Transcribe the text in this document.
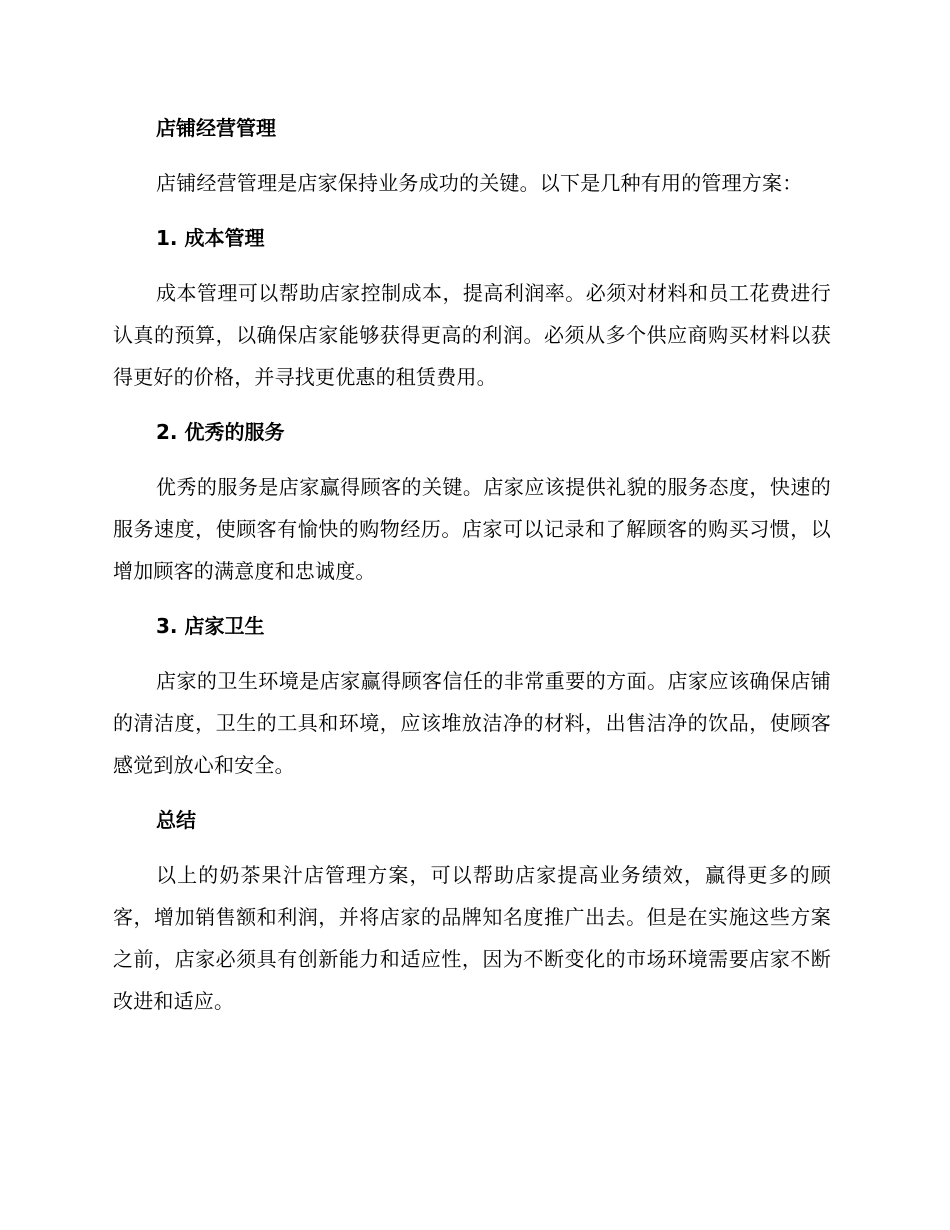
店铺经营管理

店铺经营管理是店家保持业务成功的关键。以下是几种有用的管理方案：

1. 成本管理

成本管理可以帮助店家控制成本，提高利润率。必须对材料和员工花费进行认真的预算，以确保店家能够获得更高的利润。必须从多个供应商购买材料以获得更好的价格，并寻找更优惠的租赁费用。

2. 优秀的服务

优秀的服务是店家赢得顾客的关键。店家应该提供礼貌的服务态度，快速的服务速度，使顾客有愉快的购物经历。店家可以记录和了解顾客的购买习惯，以增加顾客的满意度和忠诚度。

3. 店家卫生

店家的卫生环境是店家赢得顾客信任的非常重要的方面。店家应该确保店铺的清洁度，卫生的工具和环境，应该堆放洁净的材料，出售洁净的饮品，使顾客感觉到放心和安全。

总结

以上的奶茶果汁店管理方案，可以帮助店家提高业务绩效，赢得更多的顾客，增加销售额和利润，并将店家的品牌知名度推广出去。但是在实施这些方案之前，店家必须具有创新能力和适应性，因为不断变化的市场环境需要店家不断改进和适应。
